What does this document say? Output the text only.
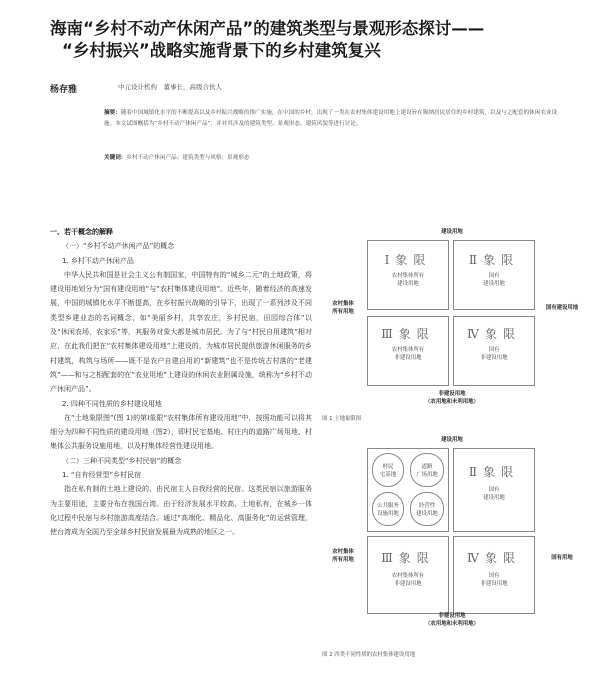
海南“乡村不动产休闲产品”的建筑类型与景观形态探讨——
“乡村振兴”战略实施背景下的乡村建筑复兴
杨存雅	中元设计机构　董事长，高级合伙人
摘要：随着中国城镇化水平的不断提高以及乡村振兴战略的推广实施，在中国的乡村，出现了一类在农村集体建设用地上建设旨在吸纳居民居住的乡村建筑，以及与之配套的休闲农业设施。本文试图概括为“乡村不动产休闲产品”，并对其涉及的建筑类型、景观形态、建筑风貌等进行讨论。
关键词：乡村不动产休闲产品；建筑类型与风格；景观形态

一、若干概念的解释

（一）“乡村不动产休闲产品”的概念

1. 乡村不动产休闲产品

中华人民共和国是社会主义公有制国家，中国特有的“城乡二元”的土地政策，将建设用地划分为“国有建设用地”与“农村集体建设用地”。近些年，随着经济的高速发展，中国的城镇化水平不断提高，在乡村振兴战略的引导下，出现了一系列涉及不同类型乡建业态的名词概念，如“美丽乡村，共享农庄，乡村民宿，田园综合体”以及“休闲农场，农家乐”等，其服务对象大都是城市居民。为了与“村民自用建筑”相对应，在此我们把在“农村集体建设用地”上建设的，为城市居民提供旅游休闲服务的乡村建筑，构筑与场所——既不是农户自建自用的“新建筑”也不是传统古村落的“老建筑”——和与之相配套的在“农业用地”上建设的休闲农业附属设施，统称为“乡村不动产休闲产品”。

2. 四种不同性质的乡村建设用地

在“土地象限图”(图 1)的第Ⅰ象限“农村集体所有建设用地”中，按照功能可以将其细分为四种不同性质的建设用地（图2），即村民宅基地、村庄内的道路广场用地、村集体公共服务设施用地，以及村集体经营性建设用地。

（二）三种不同类型“乡村民宿”的概念

1. “自有经营型”乡村民宿

指在私有制的土地上建设的、由民宿主人自我经营的民宿。这类民宿以旅游服务为主要用途，主要分布在我国台湾。由于经济发展水平较高、土地私有，在城乡一体化过程中民宿与乡村旅游高度结合。通过“高端化、精品化、高服务化”的运营管理，使台湾成为全国乃至全球乡村民宿发展最为成熟的地区之一。

建设用地
农村集体
所有用地
国有建设用地
Ⅰ象限
农村集体所有
建设用地
Ⅱ象限
国有
建设用地
Ⅲ象限
农村集体所有
非建设用地
Ⅳ象限
国有
非建设用地
非建设用地
（农用地和未利用地）
图 1 土地象限图
建设用地
农村集体
所有用地	国有用地
村民
宅基地
道路
广场用地
公共服务
设施用地
经营性
建设用地
Ⅱ象限
国有
建设用地
Ⅲ象限
农村集体所有
非建设用地
Ⅳ象限
国有
非建设用地
非建设用地
（农用地和未利用地）
图 2 四类不同性质的农村集体建设用地
